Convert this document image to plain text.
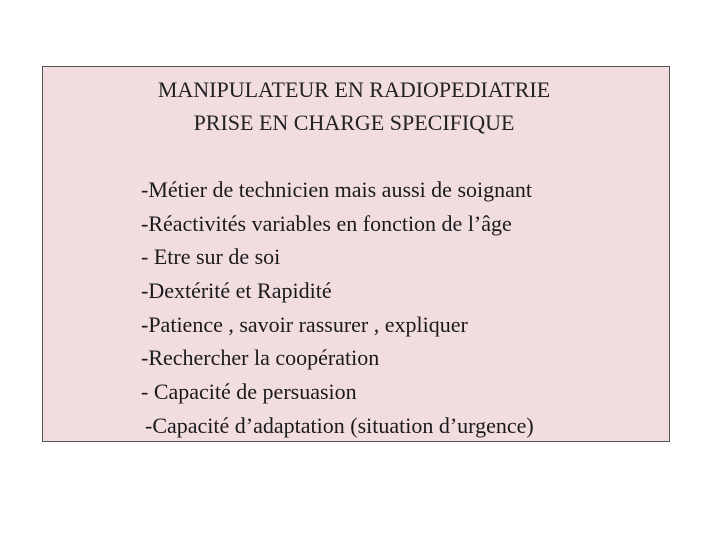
MANIPULATEUR EN RADIOPEDIATRIE
PRISE EN CHARGE SPECIFIQUE
-Métier de technicien mais aussi de soignant
-Réactivités variables en fonction de l’âge
- Etre sur de soi
-Dextérité et Rapidité
-Patience , savoir rassurer , expliquer
-Rechercher la coopération
- Capacité de persuasion
-Capacité d’adaptation (situation d’urgence)
